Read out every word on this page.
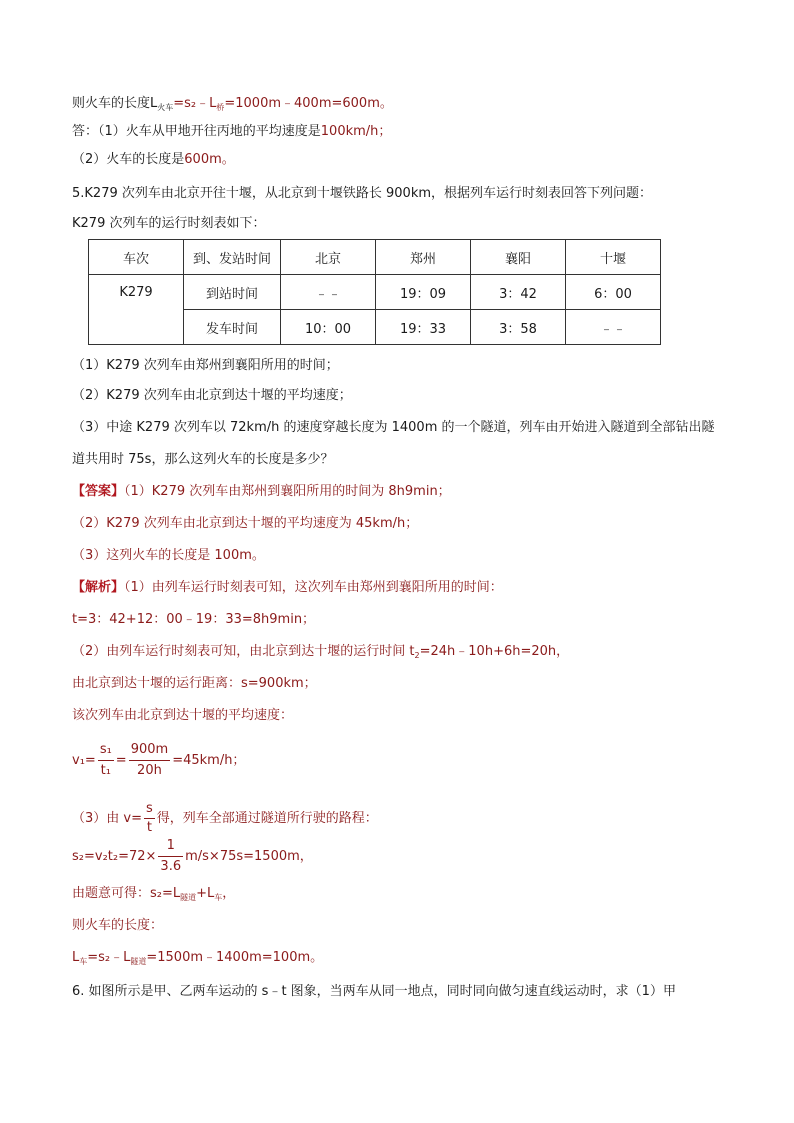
则火车的长度$L_{火车}=s_2﹣L_桥=1000m﹣400m=600m$。
答：（1）火车从甲地开往丙地的平均速度是100km/h；
（2）火车的长度是600m。
5.K279 次列车由北京开往十堰，从北京到十堰铁路长 900km，根据列车运行时刻表回答下列问题：
K279 次列车的运行时刻表如下：
车次	到、发站时间	北京	郑州	襄阳	十堰
K279	到站时间	﹣﹣	19：09	3：42	6：00
	发车时间	10：00	19：33	3：58	﹣﹣
（1）K279 次列车由郑州到襄阳所用的时间；
（2）K279 次列车由北京到达十堰的平均速度；
（3）中途 K279 次列车以 72km/h 的速度穿越长度为 1400m 的一个隧道，列车由开始进入隧道到全部钻出隧
道共用时 75s，那么这列火车的长度是多少？
【答案】（1）K279 次列车由郑州到襄阳所用的时间为 8h9min；
（2）K279 次列车由北京到达十堰的平均速度为 45km/h；
（3）这列火车的长度是 100m。
【解析】（1）由列车运行时刻表可知，这次列车由郑州到襄阳所用的时间：
t=3：42+12：00﹣19：33=8h9min；
（2）由列车运行时刻表可知，由北京到达十堰的运行时间 $t_2=24h﹣10h+6h=20h$，
由北京到达十堰的运行距离：s=900km；
该次列车由北京到达十堰的平均速度：
$v_1= \frac{\text{s₁}}{\text{t₁}} = \frac{900m}{20h} =45km/h$；
（3）由 $v= \frac{s}{t}$ 得，列车全部通过隧道所行驶的路程：
$s_2=v_2t_2=72\times \frac{1}{3.6} m/s\times 75s=1500m$，
由题意可得：$s_2=L_{隧道}+L_车$，
则火车的长度：
$L_车=s_2﹣L_{隧道}=1500m﹣1400m=100m$。
6. 如图所示是甲、乙两车运动的 s﹣t 图象，当两车从同一地点，同时同向做匀速直线运动时，求（1）甲
